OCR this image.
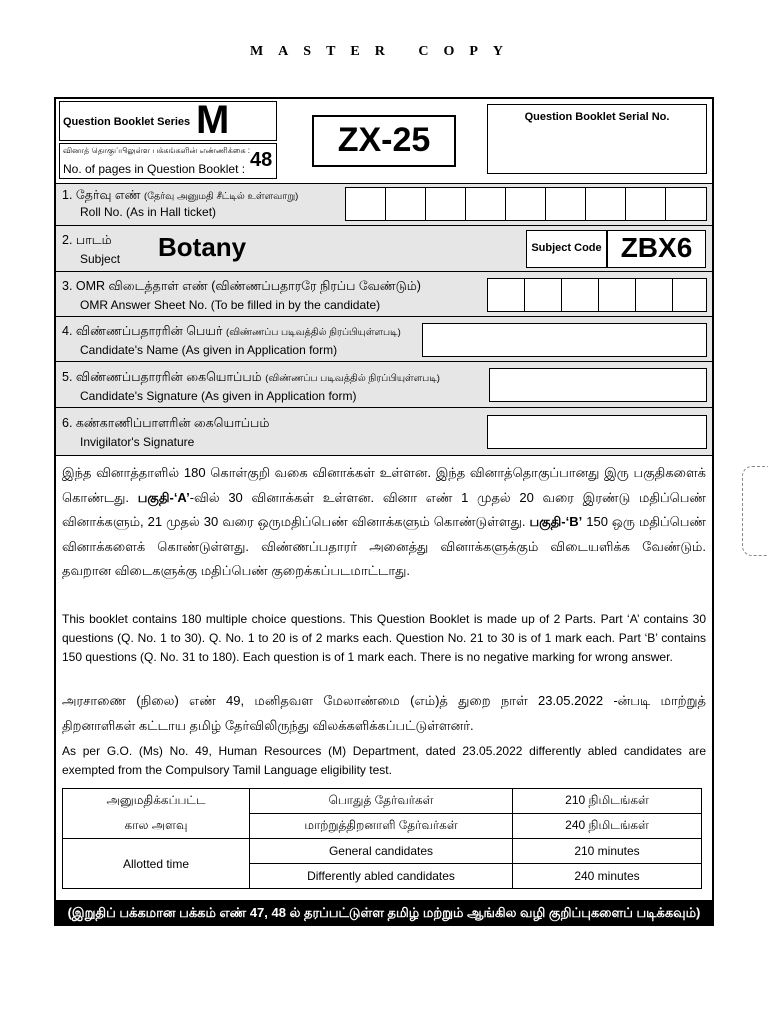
MASTER COPY
Question Booklet Series M
வினாத் தொகுப்பிலுள்ள பக்கங்களின் எண்ணிக்கை :
No. of pages in Question Booklet : 48
ZX-25
Question Booklet Serial No.
1. தேர்வு எண் (தேர்வு அனுமதி சீட்டில் உள்ளவாறு)
Roll No. (As in Hall ticket)
2. பாடம்
Subject Botany	Subject Code ZBX6
3. OMR விடைத்தாள் எண் (விண்ணப்பதாரரே நிரப்ப வேண்டும்)
OMR Answer Sheet No. (To be filled in by the candidate)
4. விண்ணப்பதாரரின் பெயர் (விண்ணப்ப படிவத்தில் நிரப்பியுள்ளபடி)
Candidate's Name (As given in Application form)
5. விண்ணப்பதாரரின் கையொப்பம் (விண்ணப்ப படிவத்தில் நிரப்பியுள்ளபடி)
Candidate's Signature (As given in Application form)
6. கண்காணிப்பாளரின் கையொப்பம்
Invigilator's Signature
இந்த வினாத்தாளில் 180 கொள்குறி வகை வினாக்கள் உள்ளன. இந்த வினாத்தொகுப்பானது இரு பகுதிகளைக் கொண்டது. பகுதி-‘A’-வில் 30 வினாக்கள் உள்ளன. வினா எண் 1 முதல் 20 வரை இரண்டு மதிப்பெண் வினாக்களும், 21 முதல் 30 வரை ஒருமதிப்பெண் வினாக்களும் கொண்டுள்ளது. பகுதி-‘B’ 150 ஒரு மதிப்பெண் வினாக்களைக் கொண்டுள்ளது. விண்ணப்பதாரர் அனைத்து வினாக்களுக்கும் விடையளிக்க வேண்டும். தவறான விடைகளுக்கு மதிப்பெண் குறைக்கப்படமாட்டாது.
This booklet contains 180 multiple choice questions. This Question Booklet is made up of 2 Parts. Part ‘A’ contains 30 questions (Q. No. 1 to 30). Q. No. 1 to 20 is of 2 marks each. Question No. 21 to 30 is of 1 mark each. Part ‘B’ contains 150 questions (Q. No. 31 to 180). Each question is of 1 mark each. There is no negative marking for wrong answer.
அரசாணை (நிலை) எண் 49, மனிதவள மேலாண்மை (எம்)த் துறை நாள் 23.05.2022 -ன்படி மாற்றுத் திறனாளிகள் கட்டாய தமிழ் தேர்விலிருந்து விலக்களிக்கப்பட்டுள்ளனர்.
As per G.O. (Ms) No. 49, Human Resources (M) Department, dated 23.05.2022 differently abled candidates are exempted from the Compulsory Tamil Language eligibility test.
அனுமதிக்கப்பட்ட	பொதுத் தேர்வர்கள்	210 நிமிடங்கள்
கால அளவு	மாற்றுத்திறனாளி தேர்வர்கள்	240 நிமிடங்கள்
Allotted time	General candidates	210 minutes
	Differently abled candidates	240 minutes
(இறுதிப் பக்கமான பக்கம் எண் 47, 48 ல் தரப்பட்டுள்ள தமிழ் மற்றும் ஆங்கில வழி குறிப்புகளைப் படிக்கவும்)
